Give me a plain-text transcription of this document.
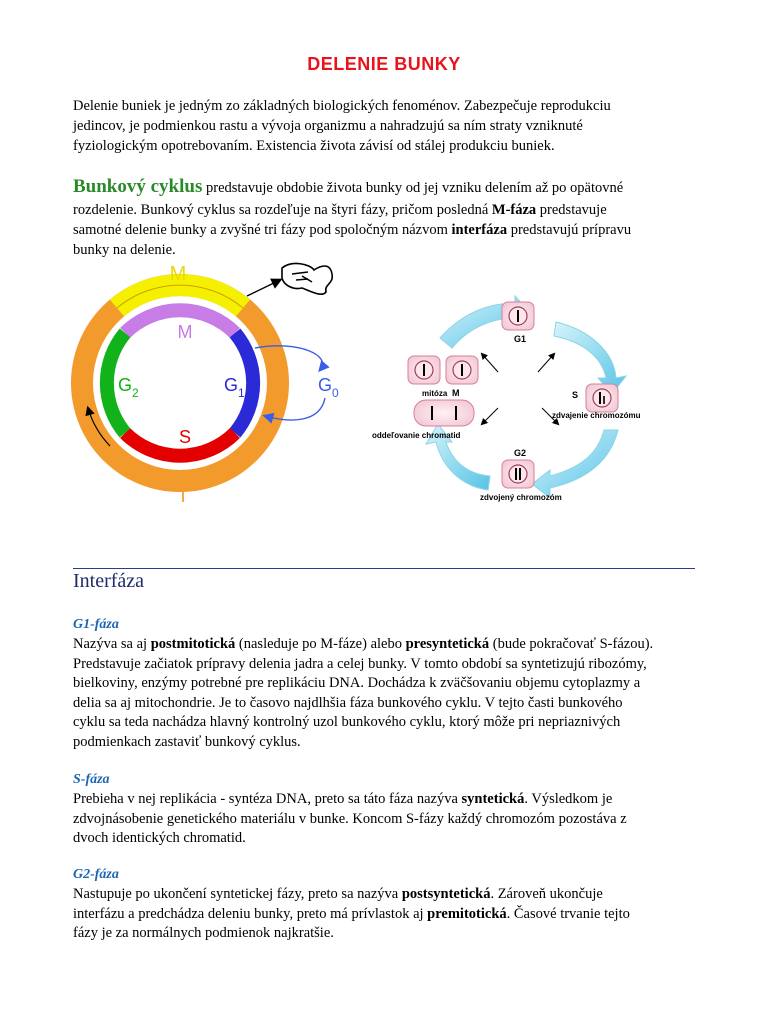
DELENIE BUNKY
Delenie buniek je jedným zo základných biologických fenoménov. Zabezpečuje reprodukciu
jedincov, je podmienkou rastu a vývoja organizmu a nahradzujú sa ním straty vzniknuté
fyziologickým opotrebovaním. Existencia života závisí od stálej produkciu buniek.
Bunkový cyklus predstavuje obdobie života bunky od jej vzniku delením až po opätovné
rozdelenie. Bunkový cyklus sa rozdeľuje na štyri fázy, pričom posledná M-fáza predstavuje
samotné delenie bunky a zvyšné tri fázy pod spoločným názvom interfáza predstavujú prípravu
bunky na delenie.
M
M
S
I
$G_2$	$G_1$	$G_0$
G1
mitóza M	S
zdvajenie chromozómu
oddeľovanie chromatid
G2
zdvojený chromozóm
Interfáza
G1-fáza
Nazýva sa aj postmitotická (nasleduje po M-fáze) alebo presyntetická (bude pokračovať S-fázou).
Predstavuje začiatok prípravy delenia jadra a celej bunky. V tomto období sa syntetizujú ribozómy,
bielkoviny, enzýmy potrebné pre replikáciu DNA. Dochádza k zväčšovaniu objemu cytoplazmy a
delia sa aj mitochondrie. Je to časovo najdlhšia fáza bunkového cyklu. V tejto časti bunkového
cyklu sa teda nachádza hlavný kontrolný uzol bunkového cyklu, ktorý môže pri nepriaznivých
podmienkach zastaviť bunkový cyklus.
S-fáza
Prebieha v nej replikácia - syntéza DNA, preto sa táto fáza nazýva syntetická. Výsledkom je
zdvojnásobenie genetického materiálu v bunke. Koncom S-fázy každý chromozóm pozostáva z
dvoch identických chromatid.
G2-fáza
Nastupuje po ukončení syntetickej fázy, preto sa nazýva postsyntetická. Zároveň ukončuje
interfázu a predchádza deleniu bunky, preto má prívlastok aj premitotická. Časové trvanie tejto
fázy je za normálnych podmienok najkratšie.
